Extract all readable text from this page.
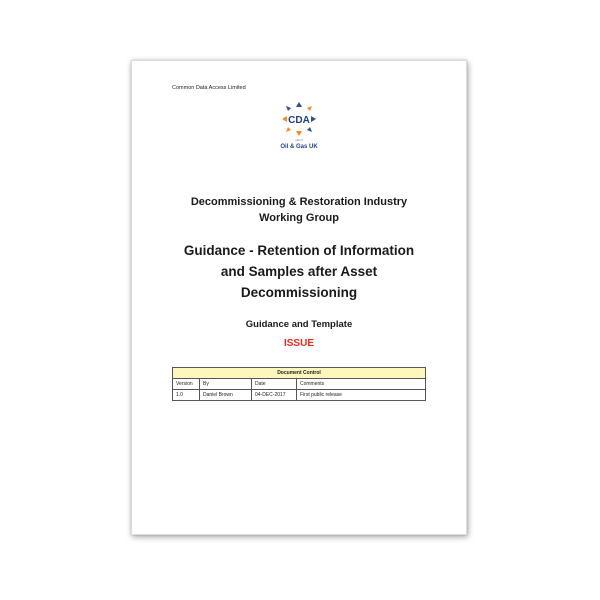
Common Data Access Limited
CDA
part of
Oil & Gas UK
Decommissioning & Restoration Industry
Working Group
Guidance - Retention of Information
and Samples after Asset
Decommissioning
Guidance and Template
ISSUE
Document Control			
Version	By	Date	Comments
1.0	Daniel Brown	04-DEC-2017	First public release
